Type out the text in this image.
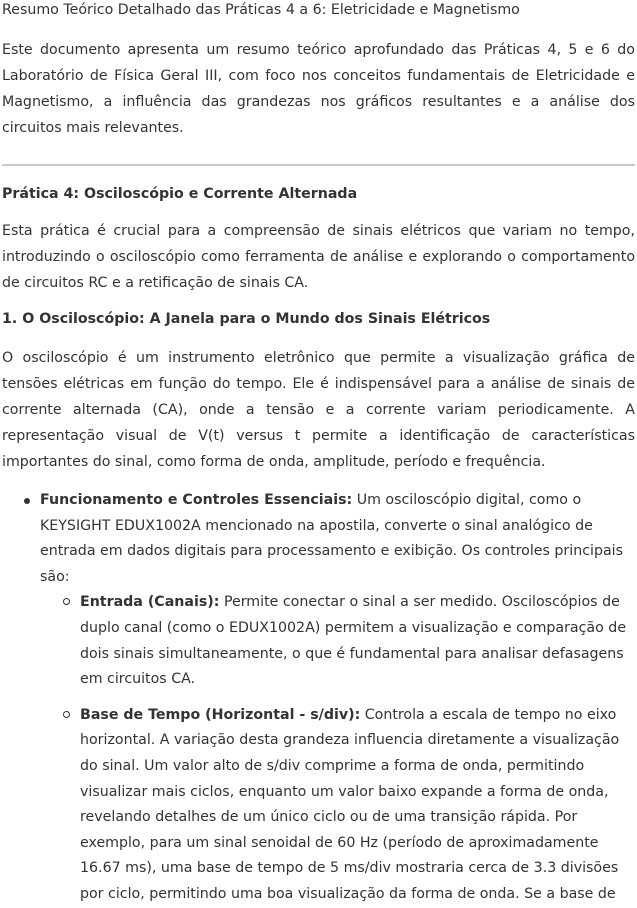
Resumo Teórico Detalhado das Práticas 4 a 6: Eletricidade e Magnetismo

Este documento apresenta um resumo teórico aprofundado das Práticas 4, 5 e 6 do Laboratório de Física Geral III, com foco nos conceitos fundamentais de Eletricidade e Magnetismo, a influência das grandezas nos gráficos resultantes e a análise dos circuitos mais relevantes.

Prática 4: Osciloscópio e Corrente Alternada

Esta prática é crucial para a compreensão de sinais elétricos que variam no tempo, introduzindo o osciloscópio como ferramenta de análise e explorando o comportamento de circuitos RC e a retificação de sinais CA.

1. O Osciloscópio: A Janela para o Mundo dos Sinais Elétricos

O osciloscópio é um instrumento eletrônico que permite a visualização gráfica de tensões elétricas em função do tempo. Ele é indispensável para a análise de sinais de corrente alternada (CA), onde a tensão e a corrente variam periodicamente. A representação visual de V(t) versus t permite a identificação de características importantes do sinal, como forma de onda, amplitude, período e frequência.

Funcionamento e Controles Essenciais: Um osciloscópio digital, como o KEYSIGHT EDUX1002A mencionado na apostila, converte o sinal analógico de entrada em dados digitais para processamento e exibição. Os controles principais são:
Entrada (Canais): Permite conectar o sinal a ser medido. Osciloscópios de duplo canal (como o EDUX1002A) permitem a visualização e comparação de dois sinais simultaneamente, o que é fundamental para analisar defasagens em circuitos CA.
Base de Tempo (Horizontal - s/div): Controla a escala de tempo no eixo horizontal. A variação desta grandeza influencia diretamente a visualização do sinal. Um valor alto de s/div comprime a forma de onda, permitindo visualizar mais ciclos, enquanto um valor baixo expande a forma de onda, revelando detalhes de um único ciclo ou de uma transição rápida. Por exemplo, para um sinal senoidal de 60 Hz (período de aproximadamente 16.67 ms), uma base de tempo de 5 ms/div mostraria cerca de 3.3 divisões por ciclo, permitindo uma boa visualização da forma de onda. Se a base de
